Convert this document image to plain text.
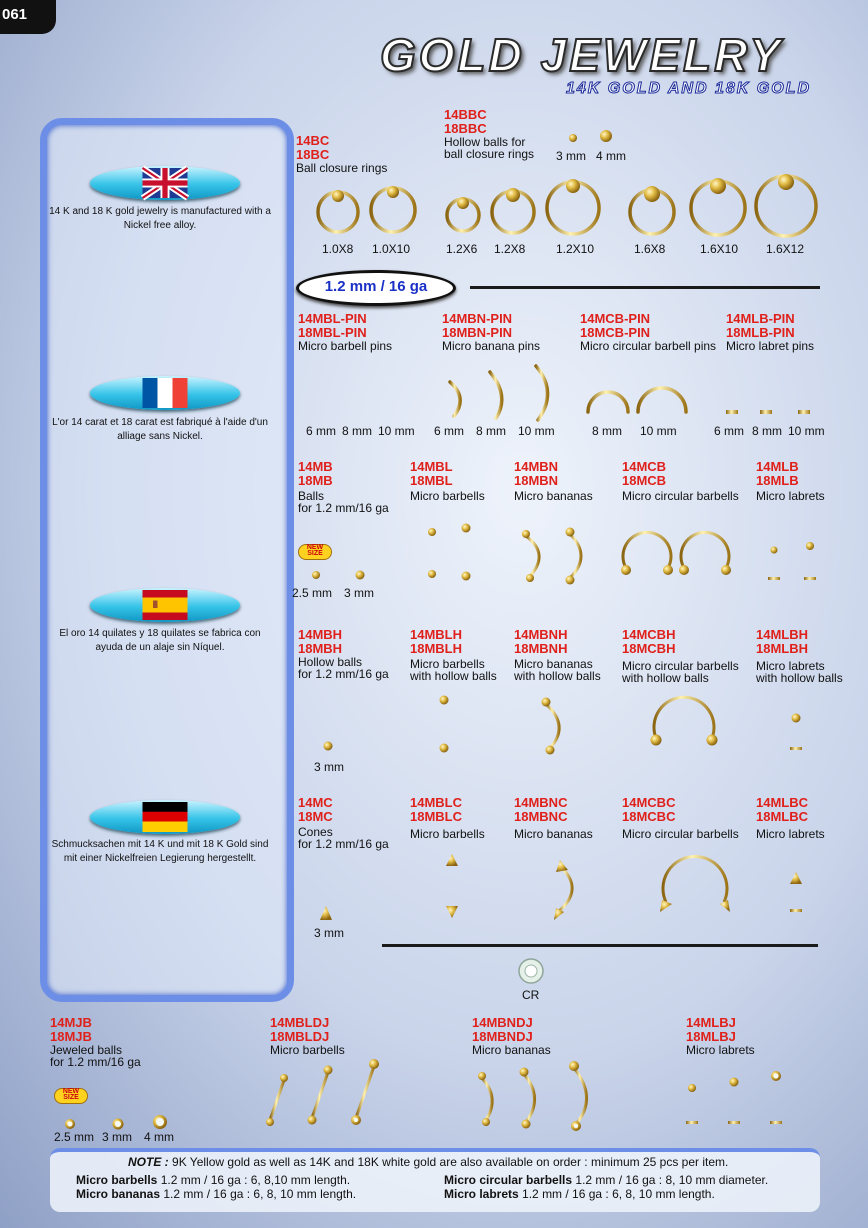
061
GOLD JEWELRY
14K GOLD AND 18K GOLD
14 K and 18 K gold jewelry is manufactured with a Nickel free alloy.
L'or 14 carat et 18 carat est fabriqué à l'aide d'un alliage sans Nickel.
El oro 14 quilates y 18 quilates se fabrica con ayuda de un alaje sin Níquel.
Schmucksachen mit 14 K und mit 18 K Gold sind mit einer Nickelfreien Legierung hergestellt.
14BBC
18BBC
Hollow balls for
ball closure rings 3 mm 4 mm
14BC
18BC
Ball closure rings
1.0X8 1.0X10	1.2X6 1.2X8	1.2X10	1.6X8	1.6X10 1.6X12
1.2 mm / 16 ga
14MBL-PIN
18MBL-PIN
Micro barbell pins
14MBN-PIN
18MBN-PIN
Micro banana pins
14MCB-PIN
18MCB-PIN
Micro circular barbell pins
14MLB-PIN
18MLB-PIN
Micro labret pins
6 mm 8 mm 10 mm 6 mm 8 mm 10 mm	8 mm 10 mm	6 mm 8 mm 10 mm
14MB
18MB
Balls
for 1.2 mm/16 ga
14MBL
18MBL
Micro barbells
14MBN
18MBN
Micro bananas
14MCB
18MCB
Micro circular barbells
14MLB
18MLB
Micro labrets
NEW SIZE
2.5 mm 3 mm
14MBH
18MBH
Hollow balls
for 1.2 mm/16 ga
14MBLH
18MBLH
Micro barbells
with hollow balls
14MBNH
18MBNH
Micro bananas
with hollow balls
14MCBH
18MCBH
Micro circular barbells
with hollow balls
14MLBH
18MLBH
Micro labrets
with hollow balls
3 mm
14MC
18MC
Cones
for 1.2 mm/16 ga
14MBLC
18MBLC
Micro barbells
14MBNC
18MBNC
Micro bananas
14MCBC
18MCBC
Micro circular barbells
14MLBC
18MLBC
Micro labrets
3 mm
CR
14MJB
18MJB
Jeweled balls
for 1.2 mm/16 ga
14MBLDJ
18MBLDJ
Micro barbells
14MBNDJ
18MBNDJ
Micro bananas
14MLBJ
18MLBJ
Micro labrets
NEW SIZE
2.5 mm 3 mm 4 mm
NOTE : 9K Yellow gold as well as 14K and 18K white gold are also available on order : minimum 25 pcs per item.
Micro barbells 1.2 mm / 16 ga : 6, 8,10 mm length.	Micro circular barbells 1.2 mm / 16 ga : 8, 10 mm diameter.
Micro bananas 1.2 mm / 16 ga : 6, 8, 10 mm length.	Micro labrets 1.2 mm / 16 ga : 6, 8, 10 mm length.
